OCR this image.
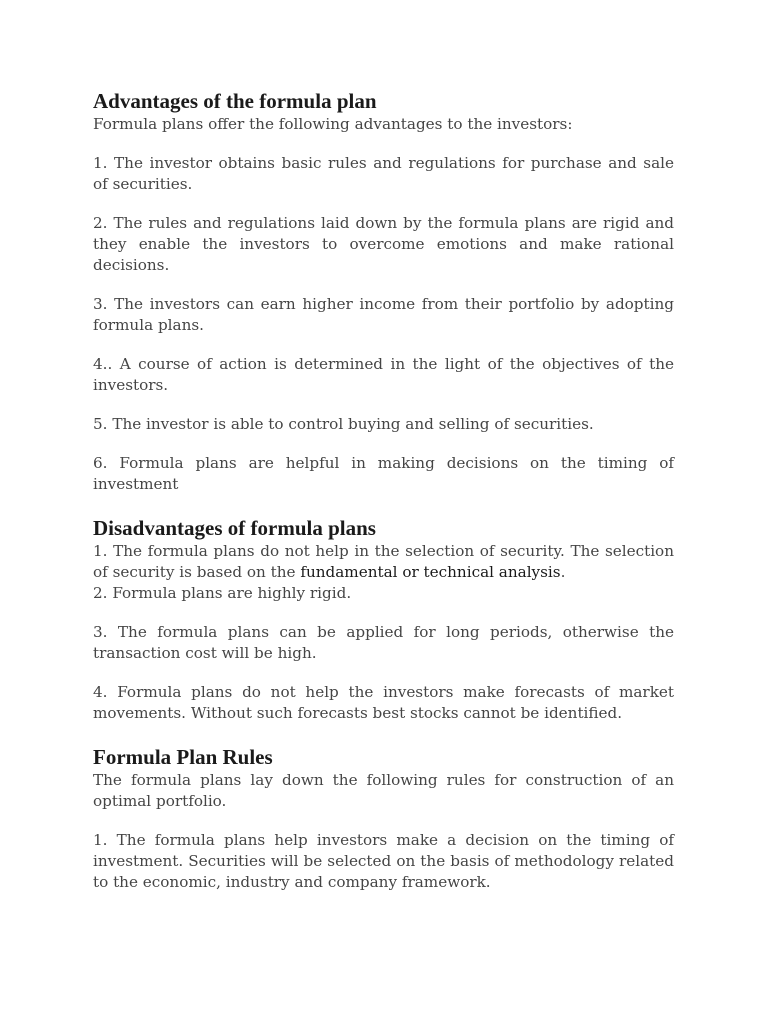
Advantages of the formula plan

Formula plans offer the following advantages to the investors:

1. The investor obtains basic rules and regulations for purchase and sale of securities.

2. The rules and regulations laid down by the formula plans are rigid and they enable the investors to overcome emotions and make rational decisions.

3. The investors can earn higher income from their portfolio by adopting formula plans.

4.. A course of action is determined in the light of the objectives of the investors.

5. The investor is able to control buying and selling of securities.

6. Formula plans are helpful in making decisions on the timing of investment

Disadvantages of formula plans

1. The formula plans do not help in the selection of security. The selection of security is based on the fundamental or technical analysis.

2. Formula plans are highly rigid.

3. The formula plans can be applied for long periods, otherwise the transaction cost will be high.

4. Formula plans do not help the investors make forecasts of market movements. Without such forecasts best stocks cannot be identified.

Formula Plan Rules

The formula plans lay down the following rules for construction of an optimal portfolio.

1. The formula plans help investors make a decision on the timing of investment. Securities will be selected on the basis of methodology related to the economic, industry and company framework.
